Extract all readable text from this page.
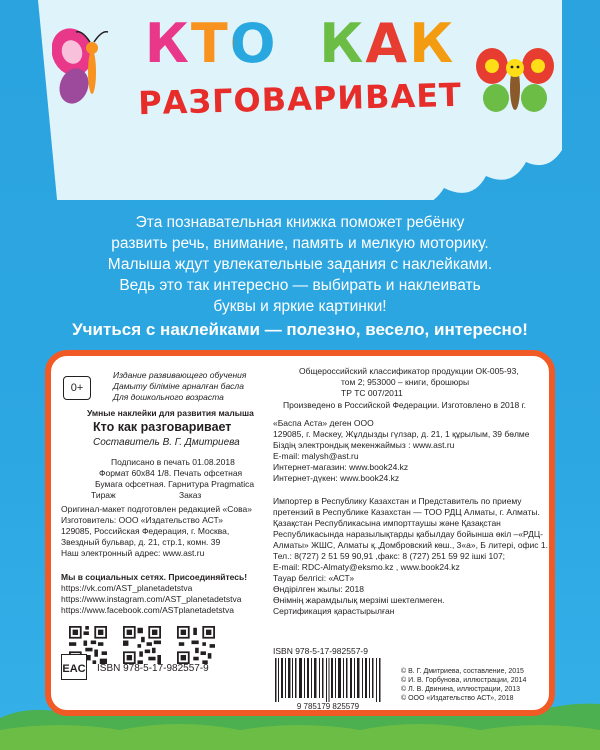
КТО КАК
РАЗГОВАРИВАЕТ
Эта познавательная книжка поможет ребёнку
развить речь, внимание, память и мелкую моторику.
Малыша ждут увлекательные задания с наклейками.
Ведь это так интересно — выбирать и наклеивать
буквы и яркие картинки!
Учиться с наклейками — полезно, весело, интересно!
0+
Издание развивающего обучения
Дамыту біліміне арналған басла
Для дошкольного возраста
Умные наклейки для развития малыша
Кто как разговаривает
Составитель В. Г. Дмитриева
Подписано в печать 01.08.2018
Формат 60x84 1/8. Печать офсетная
Бумага офсетная. Гарнитура Pragmatica
Тираж	Заказ
Оригинал-макет подготовлен редакцией «Сова»
Изготовитель: ООО «Издательство АСТ»
129085, Российская Федерация, г. Москва,
Звездный бульвар, д. 21, стр.1, комн. 39
Наш электронный адрес: www.ast.ru
Мы в социальных сетях. Присоединяйтесь!
https://vk.com/AST_planetadetstva
https://www.instagram.com/AST_planetadetstva
https://www.facebook.com/ASTplanetadetstva
EAC ISBN 978-5-17-982557-9
Общероссийский классификатор продукции ОК-005-93,
том 2; 953000 – книги, брошюры
ТР ТС 007/2011
Произведено в Российской Федерации. Изготовлено в 2018 г.
«Баспа Аста» деген ООО
129085, г. Мәскеу, Жұлдызды гүлзар, д. 21, 1 құрылым, 39 бөлме
Біздің электрондық мекенжаймыз : www.ast.ru
E-mail: malysh@ast.ru
Интернет-магазин: www.book24.kz
Интернет-дүкен: www.book24.kz
Импортер в Республику Казахстан и Представитель по приему
претензий в Республике Казахстан — ТОО РДЦ Алматы, г. Алматы.
Қазақстан Республикасына импорттаушы және Қазақстан
Республикасында наразылықтарды қабылдау бойынша өкіл –«РДЦ-
Алматы» ЖШС, Алматы қ.,Домбровский көш., 3«а», Б литері, офис 1.
Тел.: 8(727) 2 51 59 90,91 ,факс: 8 (727) 251 59 92 ішкі 107;
E-mail: RDC-Almaty@eksmo.kz , www.book24.kz
Тауар белгісі: «АСТ»
Өндірілген жылы: 2018
Өнімнің жарамдылық мерзімі шектелмеген.
Сертификация қарастырылған
ISBN 978-5-17-982557-9
9 785179 825579
© В. Г. Дмитриева, составление, 2015
© И. В. Горбунова, иллюстрации, 2014
© Л. В. Двинина, иллюстрации, 2013
© ООО «Издательство АСТ», 2018
